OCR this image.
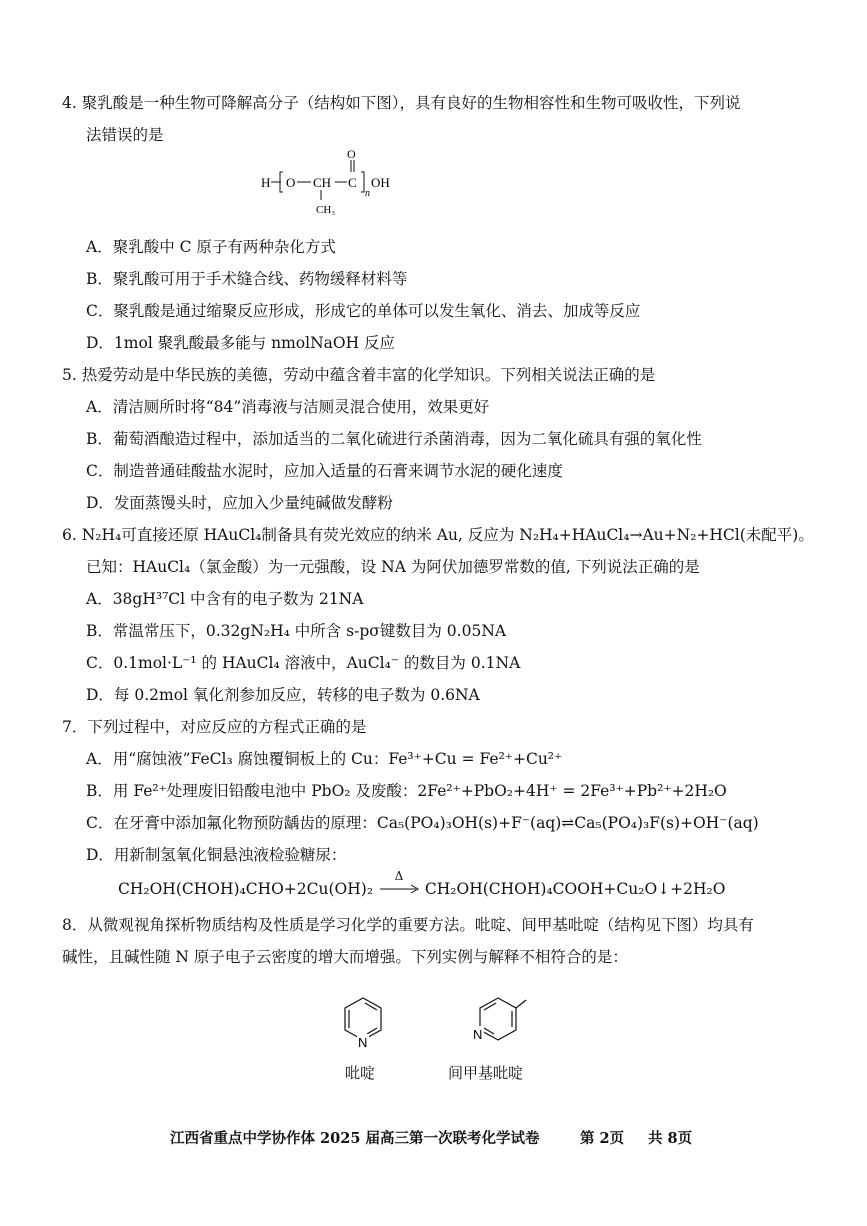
4. 聚乳酸是一种生物可降解高分子（结构如下图），具有良好的生物相容性和生物可吸收性，下列说
法错误的是
H O CH C
O
n
OH
CH₃
A．聚乳酸中 C 原子有两种杂化方式
B．聚乳酸可用于手术缝合线、药物缓释材料等
C．聚乳酸是通过缩聚反应形成，形成它的单体可以发生氧化、消去、加成等反应
D．1mol 聚乳酸最多能与 nmolNaOH 反应
5. 热爱劳动是中华民族的美德，劳动中蕴含着丰富的化学知识。下列相关说法正确的是
A．清洁厕所时将“84”消毒液与洁厕灵混合使用，效果更好
B．葡萄酒酿造过程中，添加适当的二氧化硫进行杀菌消毒，因为二氧化硫具有强的氧化性
C．制造普通硅酸盐水泥时，应加入适量的石膏来调节水泥的硬化速度
D．发面蒸馒头时，应加入少量纯碱做发酵粉
6. N₂H₄可直接还原 HAuCl₄制备具有荧光效应的纳米 Au, 反应为 N₂H₄+HAuCl₄→Au+N₂+HCl(未配平)。
已知：HAuCl₄（氯金酸）为一元强酸，设 NA 为阿伏加德罗常数的值, 下列说法正确的是
A．38gH³⁷Cl 中含有的电子数为 21NA
B．常温常压下，0.32gN₂H₄ 中所含 s-pσ键数目为 0.05NA
C．0.1mol·L⁻¹ 的 HAuCl₄ 溶液中，AuCl₄⁻ 的数目为 0.1NA
D．每 0.2mol 氧化剂参加反应，转移的电子数为 0.6NA
7．下列过程中，对应反应的方程式正确的是
A．用“腐蚀液”FeCl₃ 腐蚀覆铜板上的 Cu：Fe³⁺+Cu = Fe²⁺+Cu²⁺
B．用 Fe²⁺处理废旧铅酸电池中 PbO₂ 及废酸：2Fe²⁺+PbO₂+4H⁺ = 2Fe³⁺+Pb²⁺+2H₂O
C．在牙膏中添加氟化物预防龋齿的原理：Ca₅(PO₄)₃OH(s)+F⁻(aq)⇌Ca₅(PO₄)₃F(s)+OH⁻(aq)
D．用新制氢氧化铜悬浊液检验糖尿：
CH₂OH(CHOH)₄CHO+2Cu(OH)₂
Δ
CH₂OH(CHOH)₄COOH+Cu₂O↓+2H₂O
8．从微观视角探析物质结构及性质是学习化学的重要方法。吡啶、间甲基吡啶（结构见下图）均具有
碱性，且碱性随 N 原子电子云密度的增大而增强。下列实例与解释不相符合的是：
N
吡啶
N
间甲基吡啶
江西省重点中学协作体 2025 届高三第一次联考化学试卷	第 2页 共 8页
